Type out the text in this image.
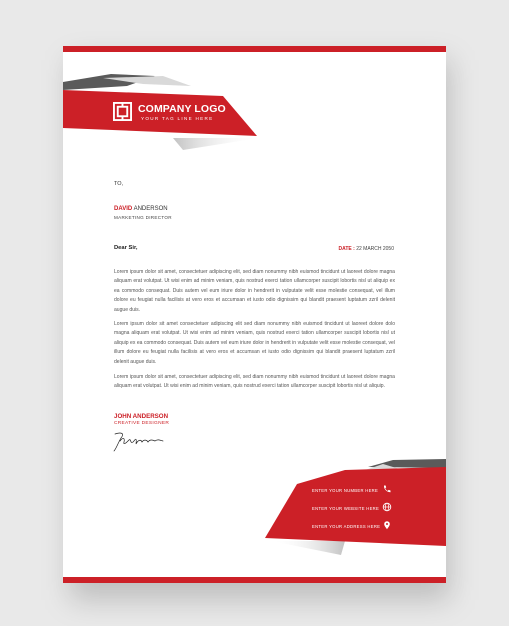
COMPANY LOGO
YOUR TAG LINE HERE
TO,
DAVID ANDERSON
MARKETING DIRECTOR
Dear Sir,	DATE : 22 MARCH 2050

Lorem ipsum dolor sit amet, consectetuer adipiscing elit, sed diam nonummy nibh euismod tincidunt ut laoreet dolore magna aliquam erat volutpat. Ut wisi enim ad minim veniam, quis nostrud exerci tation ullamcorper suscipit lobortis nisl ut aliquip ex ea commodo consequat. Duis autem vel eum iriure dolor in hendrerit in vulputate velit esse molestie consequat, vel illum dolore eu feugiat nulla facilisis at vero eros et accumsan et iusto odio dignissim qui blandit praesent luptatum zzril delenit augue duis.

Lorem ipsum dolor sit amet consectetuer adipiscing elit sed diam nonummy nibh euismod tincidunt ut laoreet dolore dolo magna aliquam erat volutpat. Ut wisi enim ad minim veniam, quis nostrud exerci tation ullamcorper suscipit lobortis nisl ut aliquip ex ea commodo consequat. Duis autem vel eum iriure dolor in hendrerit in vulputate velit esse molestie consequat, vel illum dolore eu feugiat nulla facilisis at vero eros et accumsan et iusto odio dignissim qui blandit praesent luptatum zzril delenit augue duis.

Lorem ipsum dolor sit amet, consectetuer adipiscing elit, sed diam nonummy nibh euismod tincidunt ut laoreet dolore magna aliquam erat volutpat. Ut wisi enim ad minim veniam, quis nostrud exerci tation ullamcorper suscipit lobortis nisl ut aliquip.

JOHN ANDERSON
CREATIVE DESIGNER
ENTER YOUR NUMBER HERE
ENTER YOUR WEBSITE HERE
ENTER YOUR ADDRESS HERE
